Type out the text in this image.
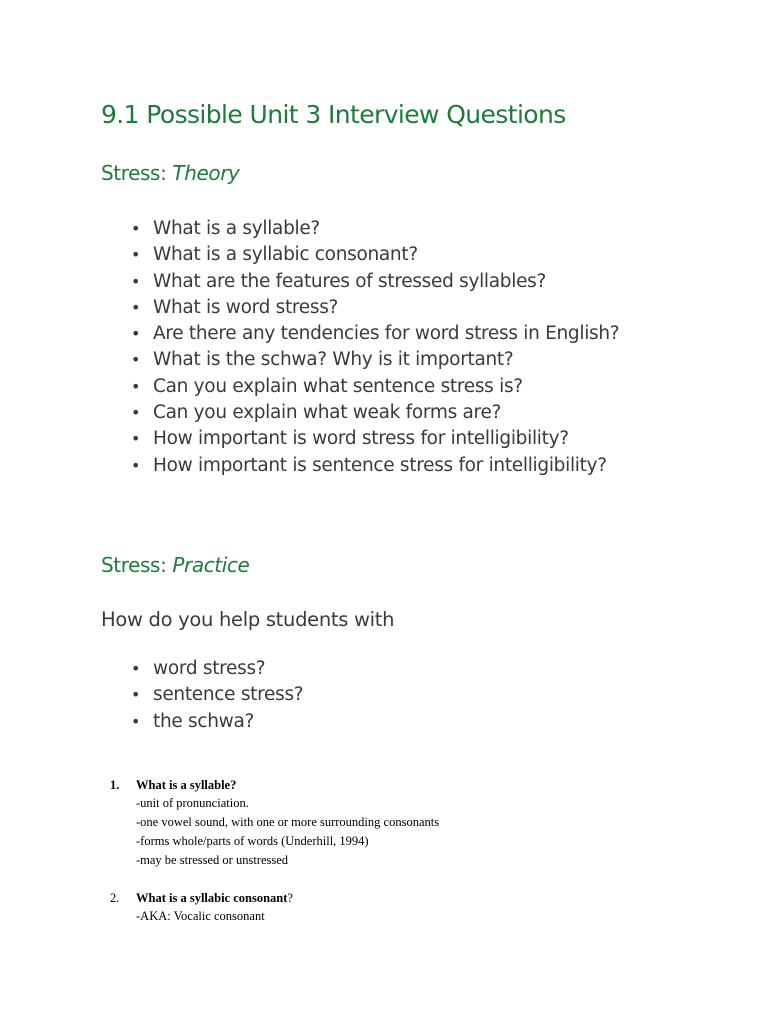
9.1 Possible Unit 3 Interview Questions
Stress: Theory
• What is a syllable?
• What is a syllabic consonant?
• What are the features of stressed syllables?
• What is word stress?
• Are there any tendencies for word stress in English?
• What is the schwa? Why is it important?
• Can you explain what sentence stress is?
• Can you explain what weak forms are?
• How important is word stress for intelligibility?
• How important is sentence stress for intelligibility?
Stress: Practice

How do you help students with

• word stress?
• sentence stress?
• the schwa?
1. What is a syllable?
-unit of pronunciation.
-one vowel sound, with one or more surrounding consonants
-forms whole/parts of words (Underhill, 1994)
-may be stressed or unstressed
2. What is a syllabic consonant?
-AKA: Vocalic consonant
